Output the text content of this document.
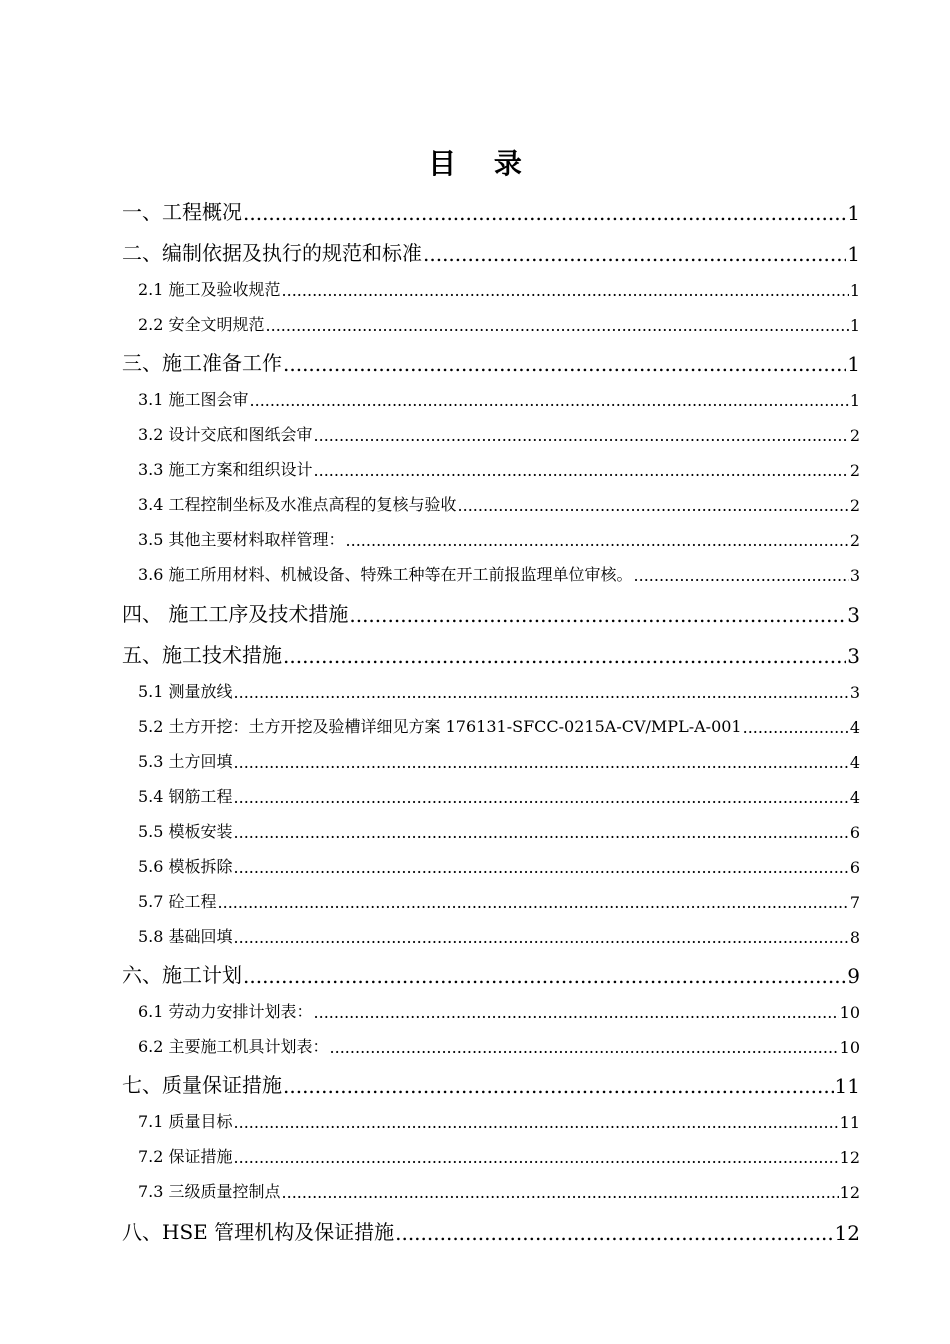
目 录
一、工程概况 .....	1
二、编制依据及执行的规范和标准 .....	1
2.1 施工及验收规范 .....	1
2.2 安全文明规范 .....	1
三、施工准备工作 .....	1
3.1 施工图会审 .....	1
3.2 设计交底和图纸会审 .....	2
3.3 施工方案和组织设计 .....	2
3.4 工程控制坐标及水准点高程的复核与验收 .....	2
3.5 其他主要材料取样管理： .....	2
3.6 施工所用材料、机械设备、特殊工种等在开工前报监理单位审核。 .....	3
四、 施工工序及技术措施 .....	3
五、施工技术措施 .....	3
5.1 测量放线 .....	3
5.2 土方开挖：土方开挖及验槽详细见方案 176131-SFCC-0215A-CV/MPL-A-001 .....	4
5.3 土方回填 .....	4
5.4 钢筋工程 .....	4
5.5 模板安装 .....	6
5.6 模板拆除 .....	6
5.7 砼工程 .....	7
5.8 基础回填 .....	8
六、施工计划 .....	9
6.1 劳动力安排计划表： .....	10
6.2 主要施工机具计划表： .....	10
七、质量保证措施 .....	11
7.1 质量目标 .....	11
7.2 保证措施 .....	12
7.3 三级质量控制点 .....	12
八、HSE 管理机构及保证措施 .....	12
